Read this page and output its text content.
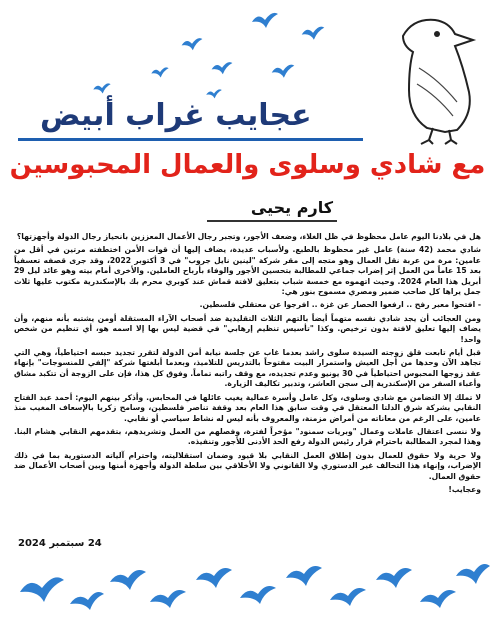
عجايب غراب أبيض
مع شادي وسلوى والعمال المحبوسين
كارم يحيى

هل في بلادنا اليوم عامل محظوظ في ظل الغلاء، وضعف الأجور، وتجبر رجال الأعمال المعززين بانحياز رجال الدولة وأجهزتها؟

شادي محمد (42 سنة) عامل غير محظوظ بالطبع. ولأسباب عديدة، يضاف إليها أن قوات الأمن اختطفته مرتين في أقل من عامين: مرة من عربة نقل العمال وهو متجه إلى مقر شركة "لينين نايل جروب" في 3 أكتوبر 2022، وقد جرى قصفه تعسفياً بعد 15 عاماً من العمل إثر إضراب جماعي للمطالبة بتحسين الأجور والوفاء بأرباح العاملين. والأخرى أمام بيته وهو عائد ليل 29 أبريل هذا العام 2024. وحيث اتهموه مع خمسة شباب بتعليق لافتة قماش عند كوبري محرم بك بالإسكندرية مكتوب عليها ثلاث جمل يراها كل صاحب ضمير ومصري مسموح بنور هي:

- افتحوا معبر رفح .. ارفعوا الحصار عن غزة .. افرجوا عن معتقلي فلسطين.

ومن العجائب أن يجد شادي نفسه متهماً أيضاً بالتهم الثلاث التقليدية ضد أصحاب الآراء المستقلة أومن يشتبه بأنه منهم، وأن يضاف إليها تعليق لافتة بدون ترخيص. وكذا "تأسيس تنظيم إرهابي" في قضية ليس بها إلا اسمه هو، أي تنظيم من شخص واحد!

قبل أيام تابعت قلق زوجته السيدة سلوى راشد بعدما غاب عن جلسة نيابة أمن الدولة لتقرر تجديد حبسه احتياطياً، وهي التي تجاهد الآن وحدها من أجل العيش واستمرار البيت مفتوحاً بالتدريس للتلاميذ، وبعدما أبلغتها شركة "إلفي للمنسوجات" بإنهاء عقد زوجها المحبوس احتياطياً في 30 يونيو وعدم تجديده، مع وقف راتبه تماماً. وفوق كل هذا، فإن على الزوجة أن تتكبد مشاق وأعباء السفر من الإسكندرية إلى سجن العاشر، وتدبير تكاليف الزيارة.

لا تملك إلا التضامن مع شادي وسلوى، وكل عامل وأسرة عمالية يغيب عائلها في المحابس. وأذكر بينهم اليوم: أحمد عبد الفتاح النقابي بشركة شرق الدلتا المعتقل في وقت سابق هذا العام بعد وقفة تناصر فلسطين، وسامح زكريا بالإسعاف المغيب منذ عامين، على الرغم من معاناته من أمراض مزمنة، والمعروف بأنه ليس له نشاط سياسي أو نقابي.

ولا ننسى اعتقال عاملات وعمال "وبريات سمنود" مؤخراً لفترة، وفصلهم من العمل وتشريدهم، بتقدمهم النقابي هشام البنا. وهذا لمجرد المطالبة باحترام قرار رئيس الدولة رفع الحد الأدنى للأجور وتنفيذه.

ولا حرية ولا حقوق للعمال بدون إطلاق العمل النقابي بلا قيود وضمان استقلاليته، واحترام آلياته الدستورية بما في ذلك الإضراب، وإنهاء هذا التحالف غير الدستوري ولا القانوني ولا الأخلاقي بين سلطة الدولة وأجهزة أمنها وبين أصحاب الأعمال ضد حقوق العمال.

وعجايب!

24 سبتمبر 2024
